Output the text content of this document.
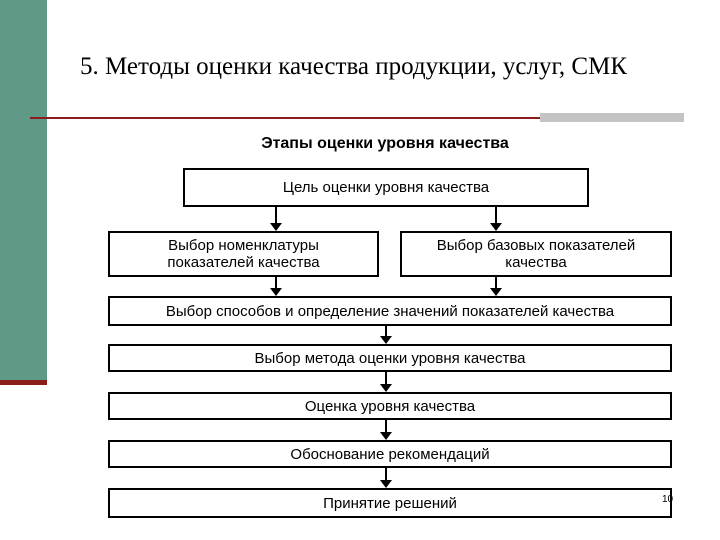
5. Методы оценки качества продукции, услуг, СМК
Этапы оценки уровня качества
Цель оценки уровня качества
Выбор номенклатуры
показателей качества
Выбор базовых показателей
качества
Выбор способов и определение значений показателей качества
Выбор метода оценки уровня качества
Оценка уровня качества
Обоснование рекомендаций
Принятие решений	10
